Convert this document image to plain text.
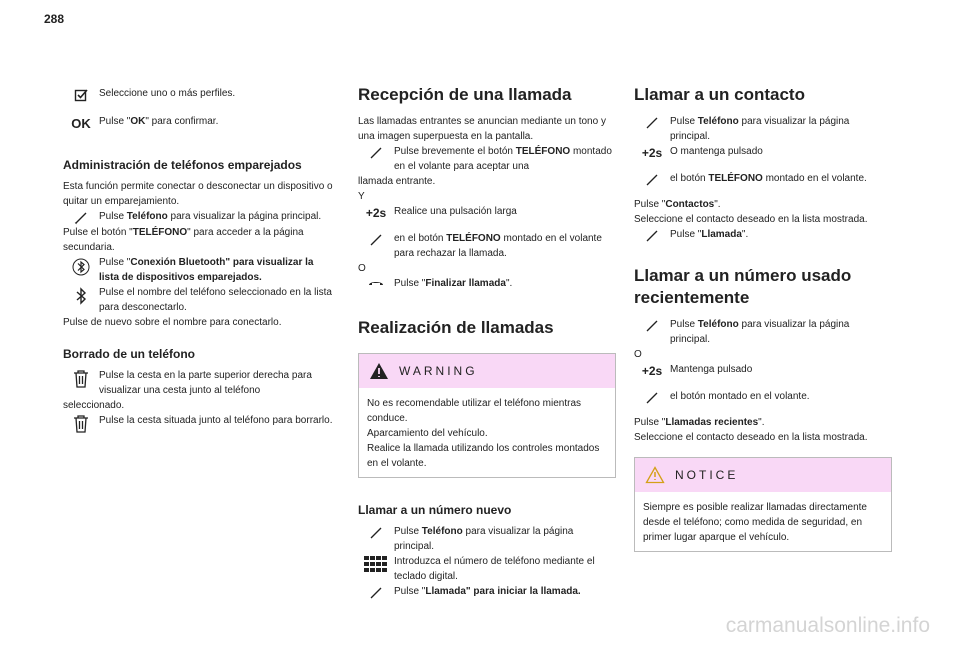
288
Seleccione uno o más perfiles.
OK Pulse "OK" para confirmar.

Administración de teléfonos emparejados

Esta función permite conectar o desconectar un dispositivo o quitar un emparejamiento.

Pulse Teléfono para visualizar la página principal.

Pulse el botón "TELÉFONO" para acceder a la página secundaria.

Pulse "Conexión Bluetooth" para visualizar la lista de dispositivos emparejados.
Pulse el nombre del teléfono seleccionado en la lista para desconectarlo.

Pulse de nuevo sobre el nombre para conectarlo.

Borrado de un teléfono

Pulse la cesta en la parte superior derecha para visualizar una cesta junto al teléfono

seleccionado.

Pulse la cesta situada junto al teléfono para borrarlo.

Recepción de una llamada

Las llamadas entrantes se anuncian mediante un tono y una imagen superpuesta en la pantalla.

Pulse brevemente el botón TELÉFONO montado en el volante para aceptar una

llamada entrante.

Y

+2s Realice una pulsación larga
en el botón TELÉFONO montado en el volante para rechazar la llamada.

O

Pulse "Finalizar llamada".

Realización de llamadas

WARNING

No es recomendable utilizar el teléfono mientras conduce.

Aparcamiento del vehículo.

Realice la llamada utilizando los controles montados en el volante.

Llamar a un número nuevo

Pulse Teléfono para visualizar la página principal.
Introduzca el número de teléfono mediante el teclado digital.
Pulse "Llamada" para iniciar la llamada.

Llamar a un contacto

Pulse Teléfono para visualizar la página principal.
+2s O mantenga pulsado
el botón TELÉFONO montado en el volante.

Pulse "Contactos".

Seleccione el contacto deseado en la lista mostrada.

Pulse "Llamada".

Llamar a un número usado recientemente

Pulse Teléfono para visualizar la página principal.

O

+2s Mantenga pulsado
el botón montado en el volante.

Pulse "Llamadas recientes".

Seleccione el contacto deseado en la lista mostrada.

NOTICE

Siempre es posible realizar llamadas directamente desde el teléfono; como medida de seguridad, en primer lugar aparque el vehículo.

carmanualsonline.info
